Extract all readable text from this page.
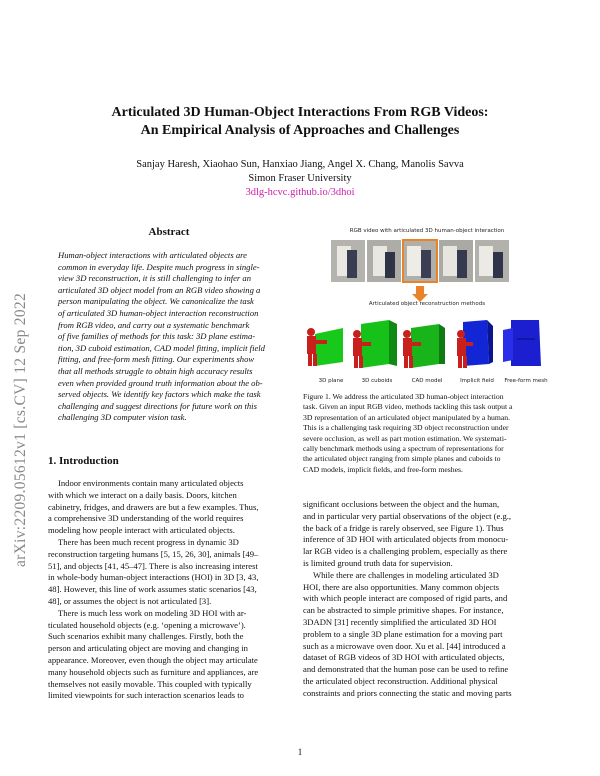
arXiv:2209.05612v1 [cs.CV] 12 Sep 2022
Articulated 3D Human-Object Interactions From RGB Videos:
An Empirical Analysis of Approaches and Challenges
Sanjay Haresh, Xiaohao Sun, Hanxiao Jiang, Angel X. Chang, Manolis Savva
Simon Fraser University
3dlg-hcvc.github.io/3dhoi
Abstract
Human-object interactions with articulated objects are
common in everyday life. Despite much progress in single-
view 3D reconstruction, it is still challenging to infer an
articulated 3D object model from an RGB video showing a
person manipulating the object. We canonicalize the task
of articulated 3D human-object interaction reconstruction
from RGB video, and carry out a systematic benchmark
of five families of methods for this task: 3D plane estima-
tion, 3D cuboid estimation, CAD model fitting, implicit field
fitting, and free-form mesh fitting. Our experiments show
that all methods struggle to obtain high accuracy results
even when provided ground truth information about the ob-
served objects. We identify key factors which make the task
challenging and suggest directions for future work on this
challenging 3D computer vision task.
1. Introduction
Indoor environments contain many articulated objects
with which we interact on a daily basis. Doors, kitchen
cabinetry, fridges, and drawers are but a few examples. Thus,
a comprehensive 3D understanding of the world requires
modeling how people interact with articulated objects.
There has been much recent progress in dynamic 3D
reconstruction targeting humans [5, 15, 26, 30], animals [49–
51], and objects [41, 45–47]. There is also increasing interest
in whole-body human-object interactions (HOI) in 3D [3, 43,
48]. However, this line of work assumes static scenarios [43,
48], or assumes the object is not articulated [3].
There is much less work on modeling 3D HOI with ar-
ticulated household objects (e.g. ‘opening a microwave’).
Such scenarios exhibit many challenges. Firstly, both the
person and articulating object are moving and changing in
appearance. Moreover, even though the object may articulate
many household objects such as furniture and appliances, are
themselves not easily movable. This coupled with typically
limited viewpoints for such interaction scenarios leads to
significant occlusions between the object and the human,
and in particular very partial observations of the object (e.g.,
the back of a fridge is rarely observed, see Figure 1). Thus
inference of 3D HOI with articulated objects from monocu-
lar RGB video is a challenging problem, especially as there
is limited ground truth data for supervision.
While there are challenges in modeling articulated 3D
HOI, there are also opportunities. Many common objects
with which people interact are composed of rigid parts, and
can be abstracted to simple primitive shapes. For instance,
3DADN [31] recently simplified the articulated 3D HOI
problem to a single 3D plane estimation for a moving part
such as a microwave oven door. Xu et al. [44] introduced a
dataset of RGB videos of 3D HOI with articulated objects,
and demonstrated that the human pose can be used to refine
the articulated object reconstruction. Additional physical
constraints and priors connecting the static and moving parts
RGB video with articulated 3D human-object interaction
Articulated object reconstruction methods
3D plane	3D cuboids	CAD model	Implicit field	Free-form mesh
Figure 1. We address the articulated 3D human-object interaction
task. Given an input RGB video, methods tackling this task output a
3D representation of an articulated object manipulated by a human.
This is a challenging task requiring 3D object reconstruction under
severe occlusion, as well as part motion estimation. We systemati-
cally benchmark methods using a spectrum of representations for
the articulated object ranging from simple planes and cuboids to
CAD models, implicit fields, and free-form meshes.
1
